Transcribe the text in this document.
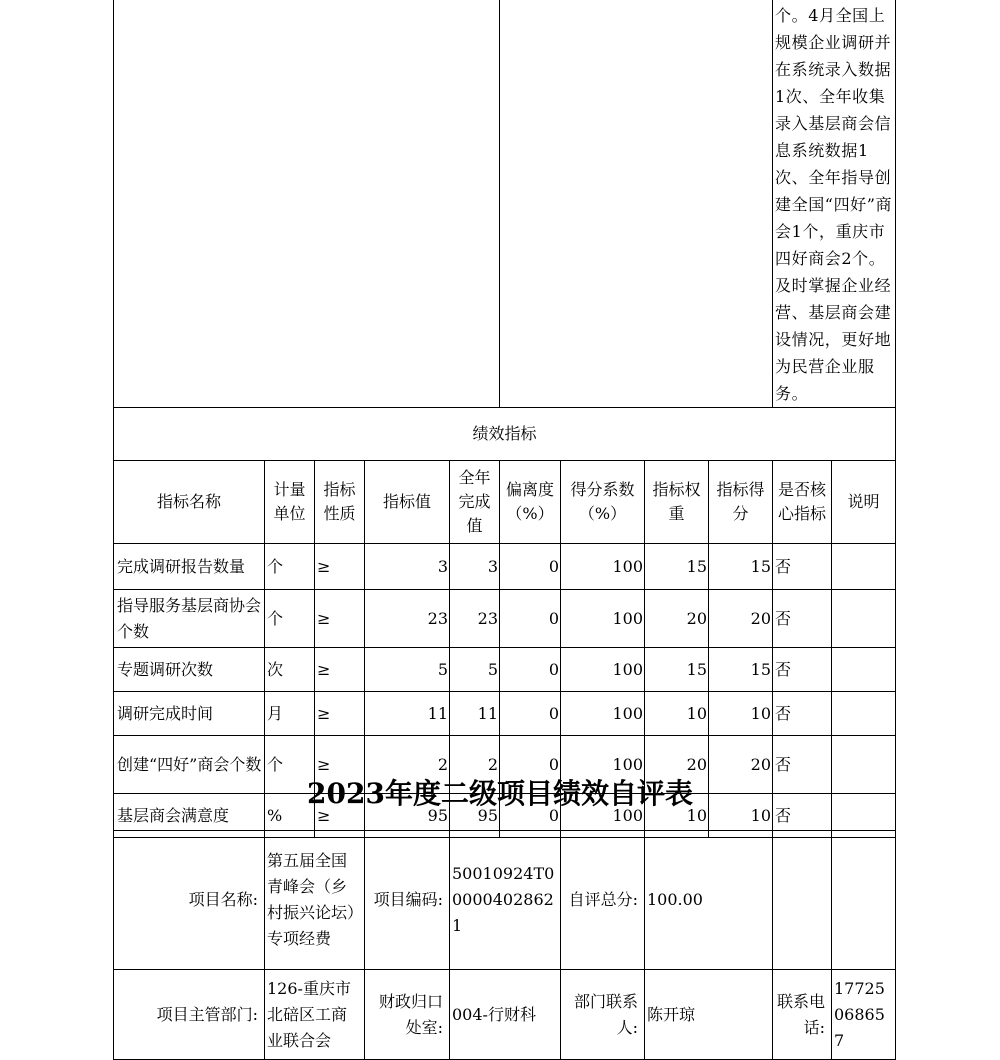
									个。4月全国上规模企业调研并在系统录入数据1次、全年收集录入基层商会信息系统数据1次、全年指导创建全国“四好”商会1个，重庆市四好商会2个。及时掌握企业经营、基层商会建设情况，更好地为民营企业服务。	
绩效指标										
指标名称	计量单位	指标性质	指标值	全年完成值	偏离度（%）	得分系数（%）	指标权重	指标得分	是否核心指标	说明
完成调研报告数量	个	≥	3	3	0	100	15	15	否	
指导服务基层商协会个数	个	≥	23	23	0	100	20	20	否	
专题调研次数	次	≥	5	5	0	100	15	15	否	
调研完成时间	月	≥	11	11	0	100	10	10	否	
创建“四好”商会个数	个	≥	2	2	0	100	20	20	否	
基层商会满意度	%	≥	95	95	0	100	10	10	否	
2023年度二级项目绩效自评表
项目名称:	第五届全国青峰会（乡村振兴论坛）专项经费	项目编码:	50010924T000004028621	自评总分:	100.00		
项目主管部门:	126-重庆市北碚区工商业联合会	财政归口处室:	004-行财科	部门联系人:	陈开琼	联系电话:	17725068657
